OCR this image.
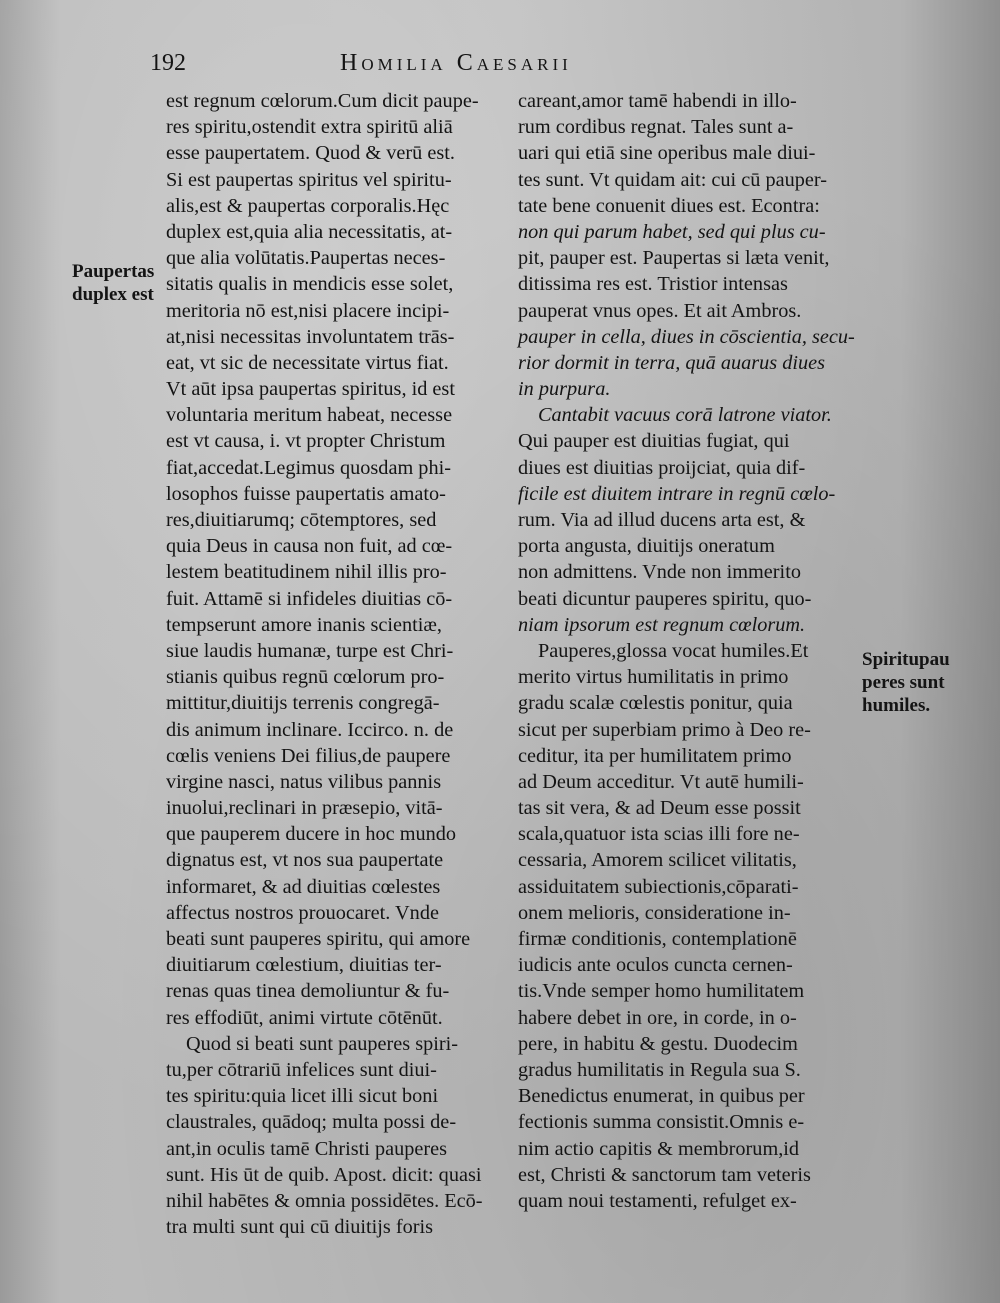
192	Homilia Caesarii
Paupertas
duplex est
Spiritupau
peres sunt
humiles.
est regnum cœlorum.Cum dicit paupe-
res spiritu,ostendit extra spiritū aliā
esse paupertatem. Quod & verū est.
Si est paupertas spiritus vel spiritu-
alis,est & paupertas corporalis.Hęc
duplex est,quia alia necessitatis, at-
que alia volūtatis.Paupertas neces-
sitatis qualis in mendicis esse solet,
meritoria nō est,nisi placere incipi-
at,nisi necessitas involuntatem trās-
eat, vt sic de necessitate virtus fiat.
Vt aūt ipsa paupertas spiritus, id est
voluntaria meritum habeat, necesse
est vt causa, i. vt propter Christum
fiat,accedat.Legimus quosdam phi-
losophos fuisse paupertatis amato-
res,diuitiarumq; cōtemptores, sed
quia Deus in causa non fuit, ad cœ-
lestem beatitudinem nihil illis pro-
fuit. Attamē si infideles diuitias cō-
tempserunt amore inanis scientiæ,
siue laudis humanæ, turpe est Chri-
stianis quibus regnū cœlorum pro-
mittitur,diuitijs terrenis congregā-
dis animum inclinare. Iccirco. n. de
cœlis veniens Dei filius,de paupere
virgine nasci, natus vilibus pannis
inuolui,reclinari in præsepio, vitā-
que pauperem ducere in hoc mundo
dignatus est, vt nos sua paupertate
informaret, & ad diuitias cœlestes
affectus nostros prouocaret. Vnde
beati sunt pauperes spiritu, qui amore
diuitiarum cœlestium, diuitias ter-
renas quas tinea demoliuntur & fu-
res effodiūt, animi virtute cōtēnūt.
Quod si beati sunt pauperes spiri-
tu,per cōtrariū infelices sunt diui-
tes spiritu:quia licet illi sicut boni
claustrales, quādoq; multa possi de-
ant,in oculis tamē Christi pauperes
sunt. His ūt de quib. Apost. dicit: quasi
nihil habētes & omnia possidētes. Ecō-
tra multi sunt qui cū diuitijs foris
careant,amor tamē habendi in illo-
rum cordibus regnat. Tales sunt a-
uari qui etiā sine operibus male diui-
tes sunt. Vt quidam ait: cui cū pauper-
tate bene conuenit diues est. Econtra:
non qui parum habet, sed qui plus cu-
pit, pauper est. Paupertas si læta venit,
ditissima res est. Tristior intensas
pauperat vnus opes. Et ait Ambros.
pauper in cella, diues in cōscientia, secu-
rior dormit in terra, quā auarus diues
in purpura.
Cantabit vacuus corā latrone viator.
Qui pauper est diuitias fugiat, qui
diues est diuitias proijciat, quia dif-
ficile est diuitem intrare in regnū cœlo-
rum. Via ad illud ducens arta est, &
porta angusta, diuitijs oneratum
non admittens. Vnde non immerito
beati dicuntur pauperes spiritu, quo-
niam ipsorum est regnum cœlorum.
Pauperes,glossa vocat humiles.Et
merito virtus humilitatis in primo
gradu scalæ cœlestis ponitur, quia
sicut per superbiam primo à Deo re-
ceditur, ita per humilitatem primo
ad Deum acceditur. Vt autē humili-
tas sit vera, & ad Deum esse possit
scala,quatuor ista scias illi fore ne-
cessaria, Amorem scilicet vilitatis,
assiduitatem subiectionis,cōparati-
onem melioris, consideratione in-
firmæ conditionis, contemplationē
iudicis ante oculos cuncta cernen-
tis.Vnde semper homo humilitatem
habere debet in ore, in corde, in o-
pere, in habitu & gestu. Duodecim
gradus humilitatis in Regula sua S.
Benedictus enumerat, in quibus per
fectionis summa consistit.Omnis e-
nim actio capitis & membrorum,id
est, Christi & sanctorum tam veteris
quam noui testamenti, refulget ex-
